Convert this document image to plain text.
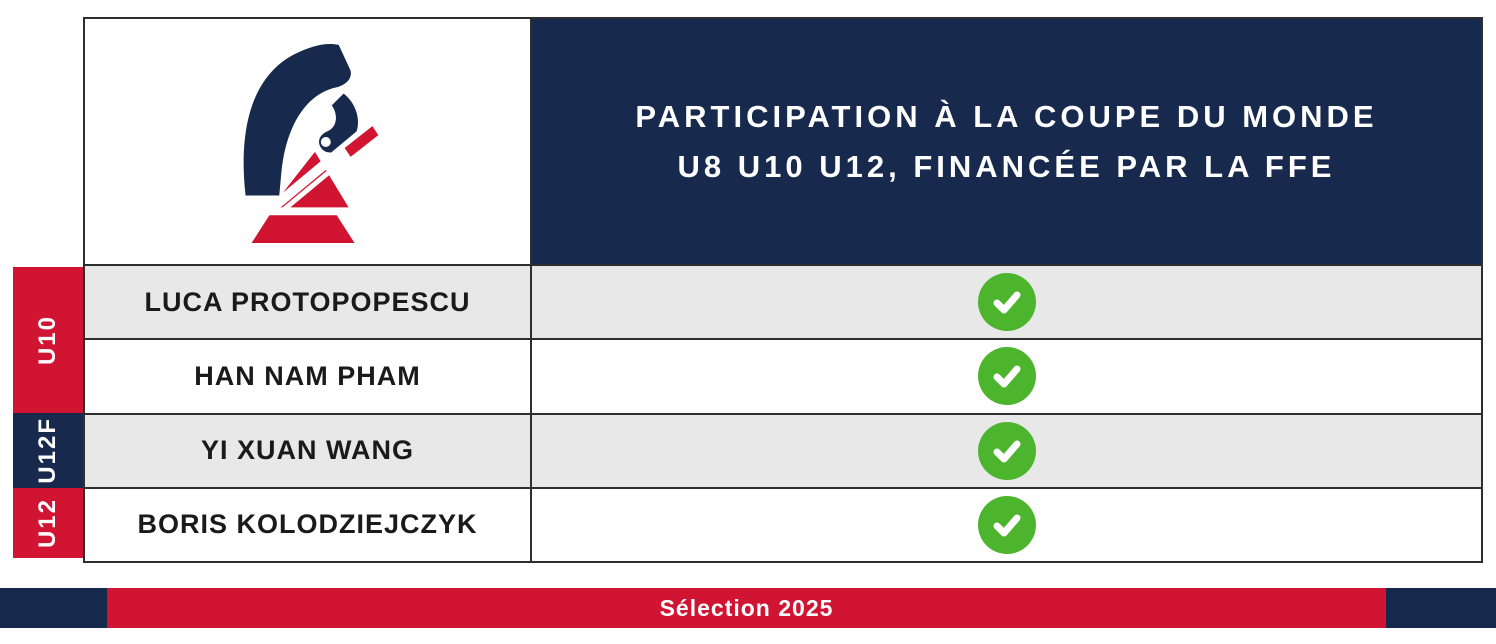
PARTICIPATION À LA COUPE DU MONDE
U8 U10 U12, FINANCÉE PAR LA FFE
LUCA PROTOPOPESCU
HAN NAM PHAM
YI XUAN WANG
BORIS KOLODZIEJCZYK
U10
U12F
U12
Sélection 2025
